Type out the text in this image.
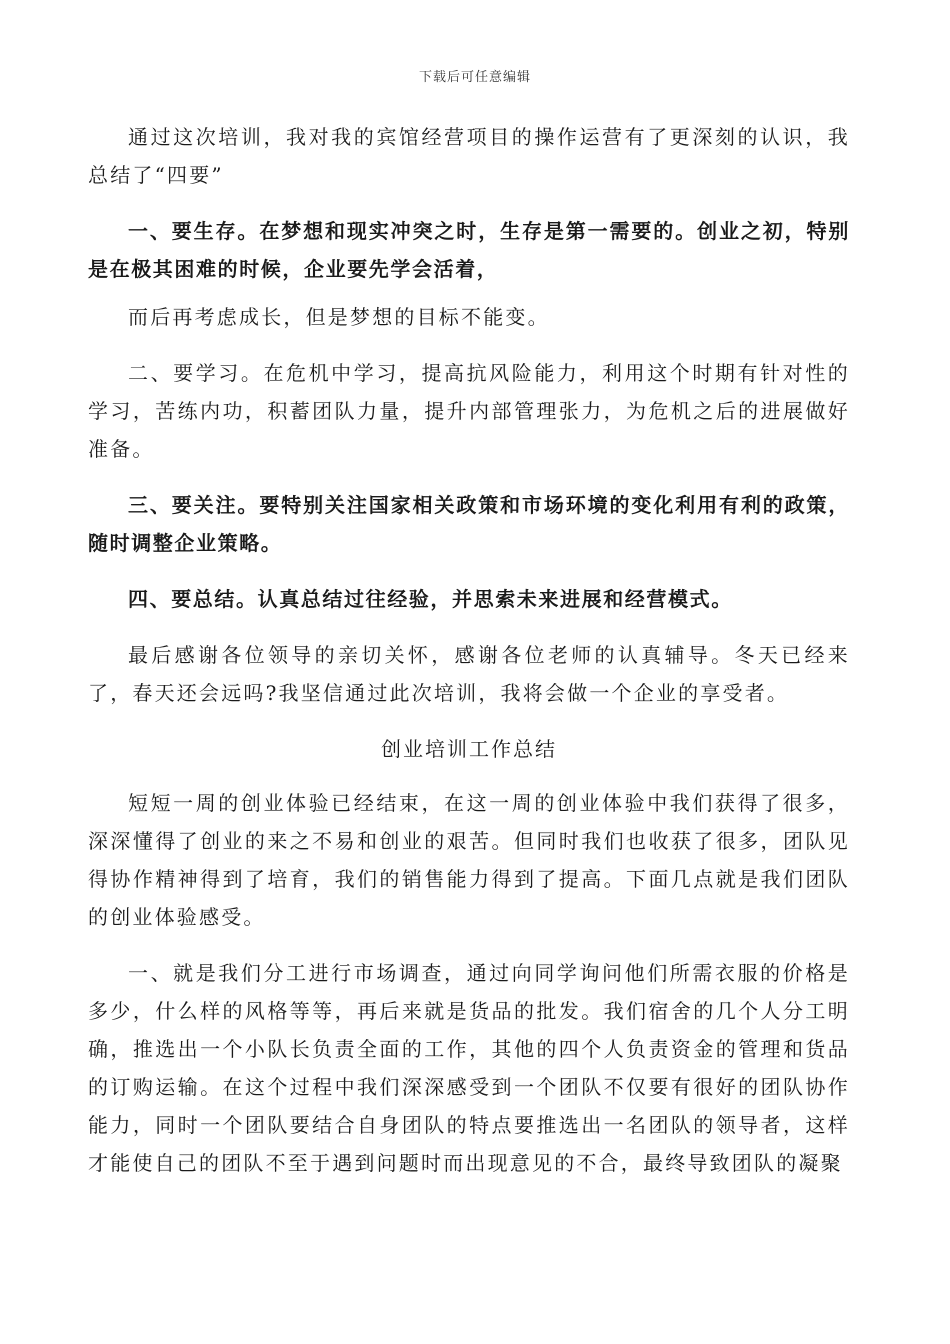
下载后可任意编辑

通过这次培训，我对我的宾馆经营项目的操作运营有了更深刻的认识，我总结了“四要”

一、要生存。在梦想和现实冲突之时，生存是第一需要的。创业之初，特别是在极其困难的时候，企业要先学会活着，

而后再考虑成长，但是梦想的目标不能变。

二、要学习。在危机中学习，提高抗风险能力，利用这个时期有针对性的学习，苦练内功，积蓄团队力量，提升内部管理张力，为危机之后的进展做好准备。

三、要关注。要特别关注国家相关政策和市场环境的变化利用有利的政策，随时调整企业策略。

四、要总结。认真总结过往经验，并思索未来进展和经营模式。

最后感谢各位领导的亲切关怀，感谢各位老师的认真辅导。冬天已经来了，春天还会远吗?我坚信通过此次培训，我将会做一个企业的享受者。

创业培训工作总结

短短一周的创业体验已经结束，在这一周的创业体验中我们获得了很多，深深懂得了创业的来之不易和创业的艰苦。但同时我们也收获了很多，团队见得协作精神得到了培育，我们的销售能力得到了提高。下面几点就是我们团队的创业体验感受。

一、就是我们分工进行市场调查，通过向同学询问他们所需衣服的价格是多少，什么样的风格等等，再后来就是货品的批发。我们宿舍的几个人分工明确，推选出一个小队长负责全面的工作，其他的四个人负责资金的管理和货品的订购运输。在这个过程中我们深深感受到一个团队不仅要有很好的团队协作能力，同时一个团队要结合自身团队的特点要推选出一名团队的领导者，这样才能使自己的团队不至于遇到问题时而出现意见的不合，最终导致团队的凝聚
